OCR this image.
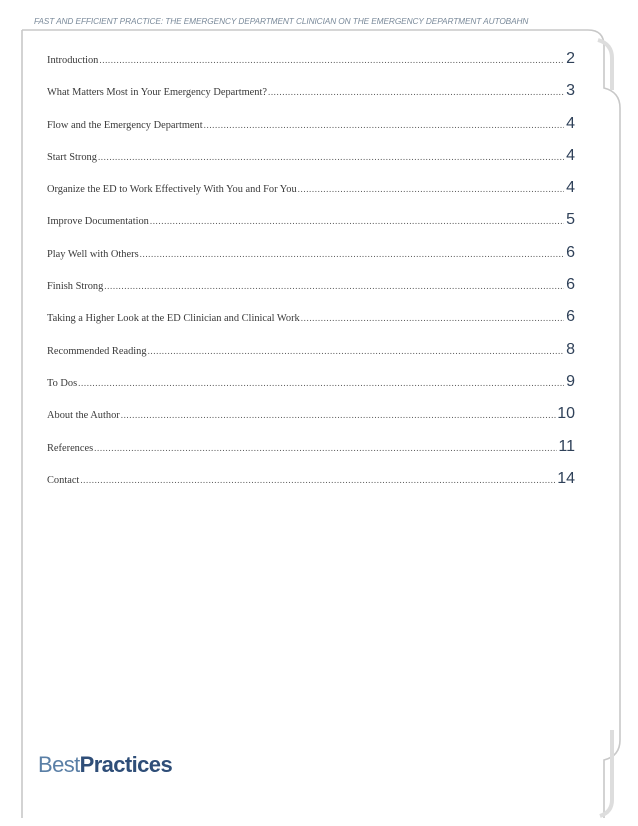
FAST AND EFFICIENT PRACTICE: THE EMERGENCY DEPARTMENT CLINICIAN ON THE EMERGENCY DEPARTMENT AUTOBAHN
Introduction .....	2
What Matters Most in Your Emergency Department? .....	3
Flow and the Emergency Department .....	4
Start Strong .....	4
Organize the ED to Work Effectively With You and For You .....	4
Improve Documentation .....	5
Play Well with Others .....	6
Finish Strong .....	6
Taking a Higher Look at the ED Clinician and Clinical Work .....	6
Recommended Reading .....	8
To Dos .....	9
About the Author .....	10
References .....	11
Contact .....	14
BestPractices
